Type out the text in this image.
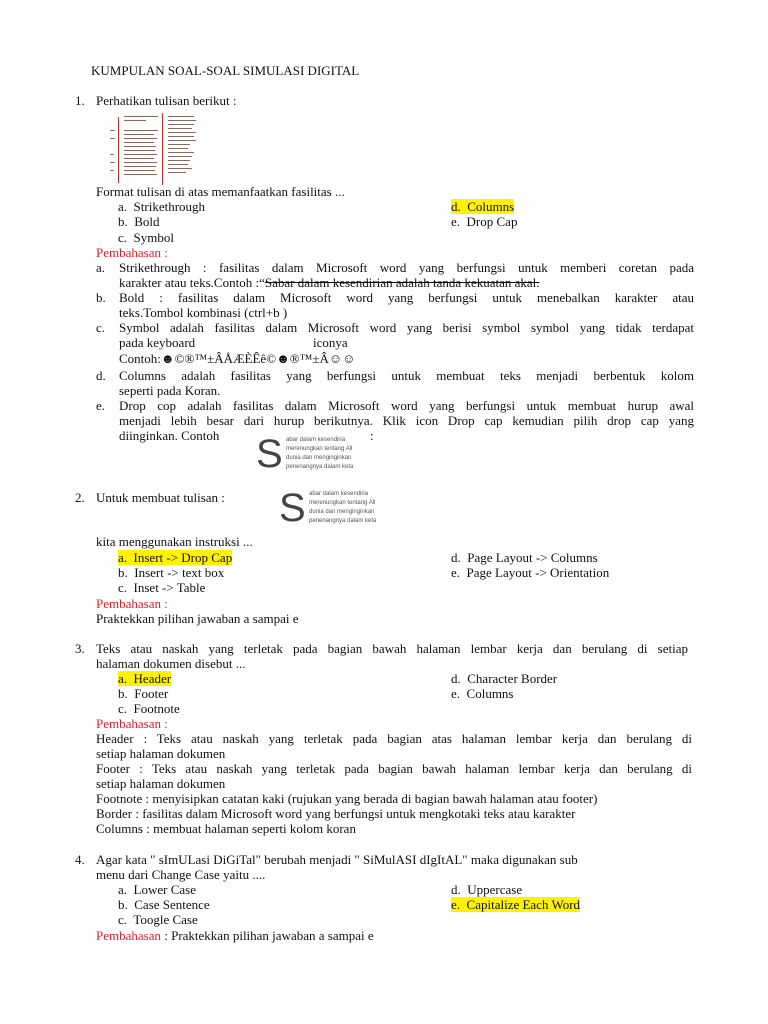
KUMPULAN SOAL-SOAL SIMULASI DIGITAL
1. Perhatikan tulisan berikut :
Format tulisan di atas memanfaatkan fasilitas ...
a. Strikethrough
b. Bold
c. Symbol
d. Columns
e. Drop Cap
Pembahasan :
a. Strikethrough : fasilitas dalam Microsoft word yang berfungsi untuk memberi coretan pada
karakter atau teks.Contoh :“Sabar dalam kesendirian adalah tanda kekuatan akal.
b. Bold : fasilitas dalam Microsoft word yang berfungsi untuk menebalkan karakter atau
teks.Tombol kombinasi (ctrl+b )
c. Symbol adalah fasilitas dalam Microsoft word yang berisi symbol symbol yang tidak terdapat
pada keyboard	iconya
Contoh:☻©®™±ÂÅÆÈÊê©☻®™±Â☺☺
d. Columns adalah fasilitas yang berfungsi untuk membuat teks menjadi berbentuk kolom
seperti pada Koran.
e. Drop cop adalah fasilitas dalam Microsoft word yang berfungsi untuk membuat hurup awal
menjadi lebih besar dari hurup berikutnya. Klik icon Drop cap kemudian pilih drop cap yang
diinginkan. Contoh	:
S abar dalam kesendiria
merenungkan tentang All
dunia dan menginginkan
penenangnya dalam keta
2. Untuk membuat tulisan : S abar dalam kesendiria
merenungkan tentang All
dunia dan menginginkan
penenangnya dalam keta
kita menggunakan instruksi ...
a. Insert -> Drop Cap
b. Insert -> text box
c. Inset -> Table
d. Page Layout -> Columns
e. Page Layout -> Orientation
Pembahasan :
Praktekkan pilihan jawaban a sampai e
3. Teks atau naskah yang terletak pada bagian bawah halaman lembar kerja dan berulang di setiap
halaman dokumen disebut ...
a. Header
b. Footer
c. Footnote
d. Character Border
e. Columns
Pembahasan :
Header : Teks atau naskah yang terletak pada bagian atas halaman lembar kerja dan berulang di
setiap halaman dokumen
Footer : Teks atau naskah yang terletak pada bagian bawah halaman lembar kerja dan berulang di
setiap halaman dokumen
Footnote : menyisipkan catatan kaki (rujukan yang berada di bagian bawah halaman atau footer)
Border : fasilitas dalam Microsoft word yang berfungsi untuk mengkotaki teks atau karakter
Columns : membuat halaman seperti kolom koran
4. Agar kata " sImULasi DiGiTal" berubah menjadi " SiMulASI dIgItAL" maka digunakan sub
menu dari Change Case yaitu ....
a. Lower Case
b. Case Sentence
c. Toogle Case
d. Uppercase
e. Capitalize Each Word
Pembahasan : Praktekkan pilihan jawaban a sampai e
